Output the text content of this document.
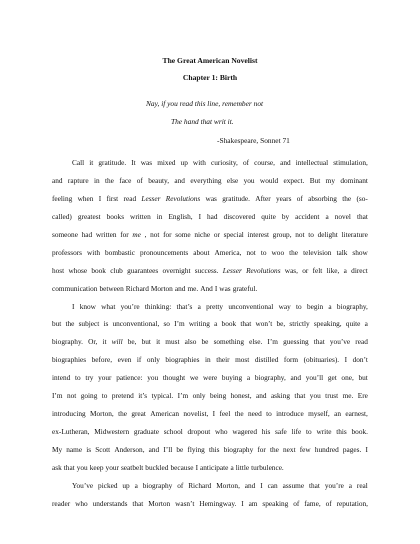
The Great American Novelist
Chapter 1: Birth
Nay, if you read this line, remember not
The hand that writ it.
-Shakespeare, Sonnet 71
Call it gratitude. It was mixed up with curiosity, of course, and intellectual stimulation,
and rapture in the face of beauty, and everything else you would expect. But my dominant
feeling when I first read Lesser Revolutions was gratitude. After years of absorbing the (so-
called) greatest books written in English, I had discovered quite by accident a novel that
someone had written for me , not for some niche or special interest group, not to delight literature
professors with bombastic pronouncements about America, not to woo the television talk show
host whose book club guarantees overnight success. Lesser Revolutions was, or felt like, a direct
communication between Richard Morton and me. And I was grateful.
I know what you’re thinking: that’s a pretty unconventional way to begin a biography,
but the subject is unconventional, so I’m writing a book that won’t be, strictly speaking, quite a
biography. Or, it will be, but it must also be something else. I’m guessing that you’ve read
biographies before, even if only biographies in their most distilled form (obituaries). I don’t
intend to try your patience: you thought we were buying a biography, and you’ll get one, but
I’m not going to pretend it’s typical. I’m only being honest, and asking that you trust me. Ere
introducing Morton, the great American novelist, I feel the need to introduce myself, an earnest,
ex-Lutheran, Midwestern graduate school dropout who wagered his safe life to write this book.
My name is Scott Anderson, and I’ll be flying this biography for the next few hundred pages. I
ask that you keep your seatbelt buckled because I anticipate a little turbulence.
You’ve picked up a biography of Richard Morton, and I can assume that you’re a real
reader who understands that Morton wasn’t Hemingway. I am speaking of fame, of reputation,
